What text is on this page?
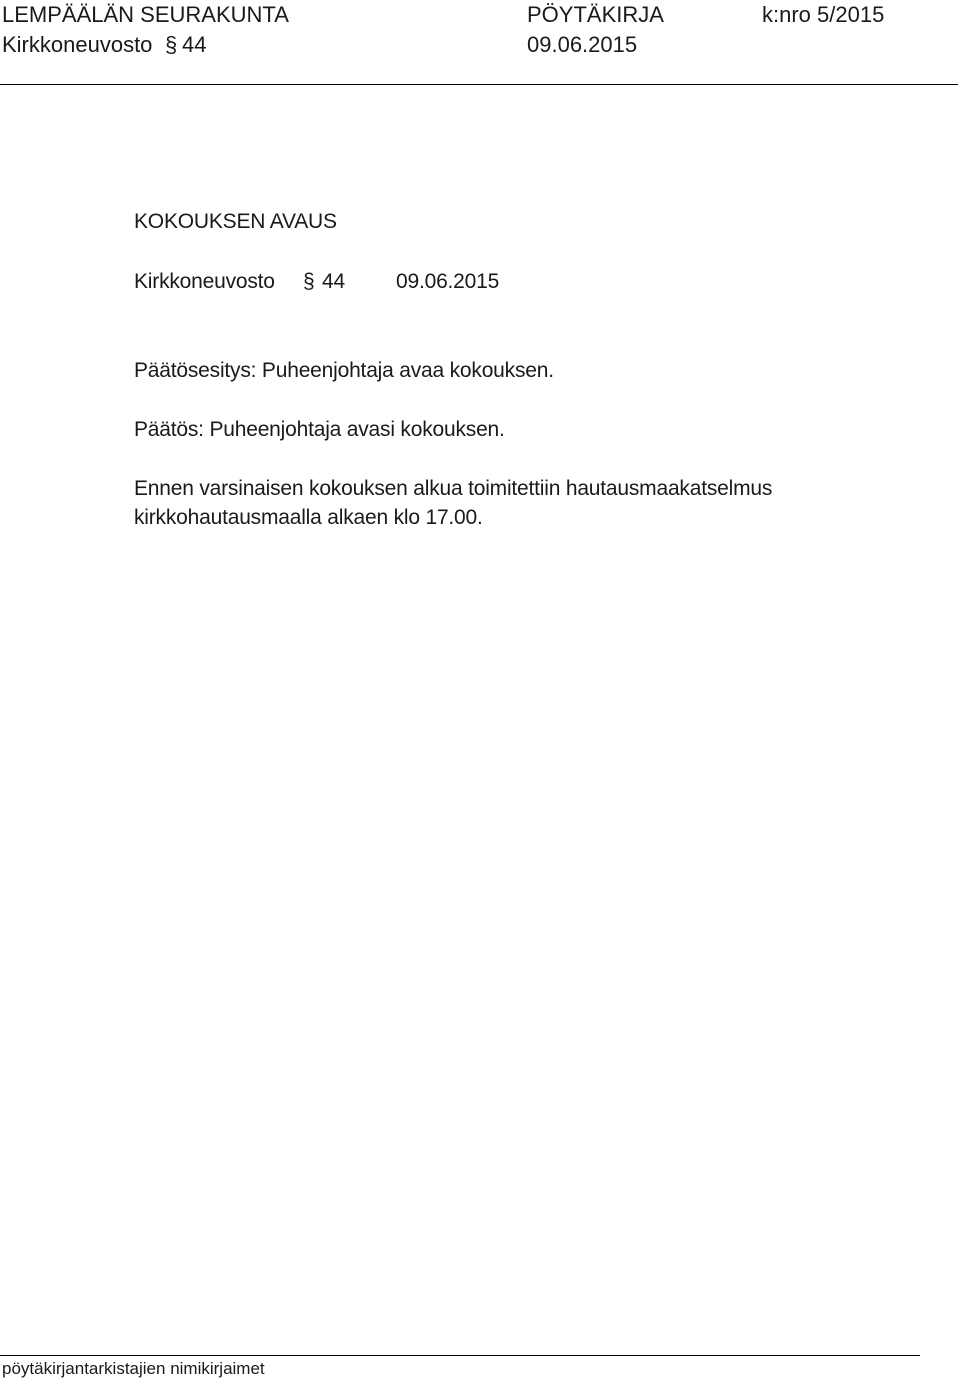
LEMPÄÄLÄN SEURAKUNTA	PÖYTÄKIRJA	k:nro 5/2015
Kirkkoneuvosto § 44	09.06.2015
KOKOUKSEN AVAUS
Kirkkoneuvosto § 44 09.06.2015
Päätösesitys: Puheenjohtaja avaa kokouksen.
Päätös: Puheenjohtaja avasi kokouksen.
Ennen varsinaisen kokouksen alkua toimitettiin hautausmaakatselmus
kirkkohautausmaalla alkaen klo 17.00.
pöytäkirjantarkistajien nimikirjaimet
